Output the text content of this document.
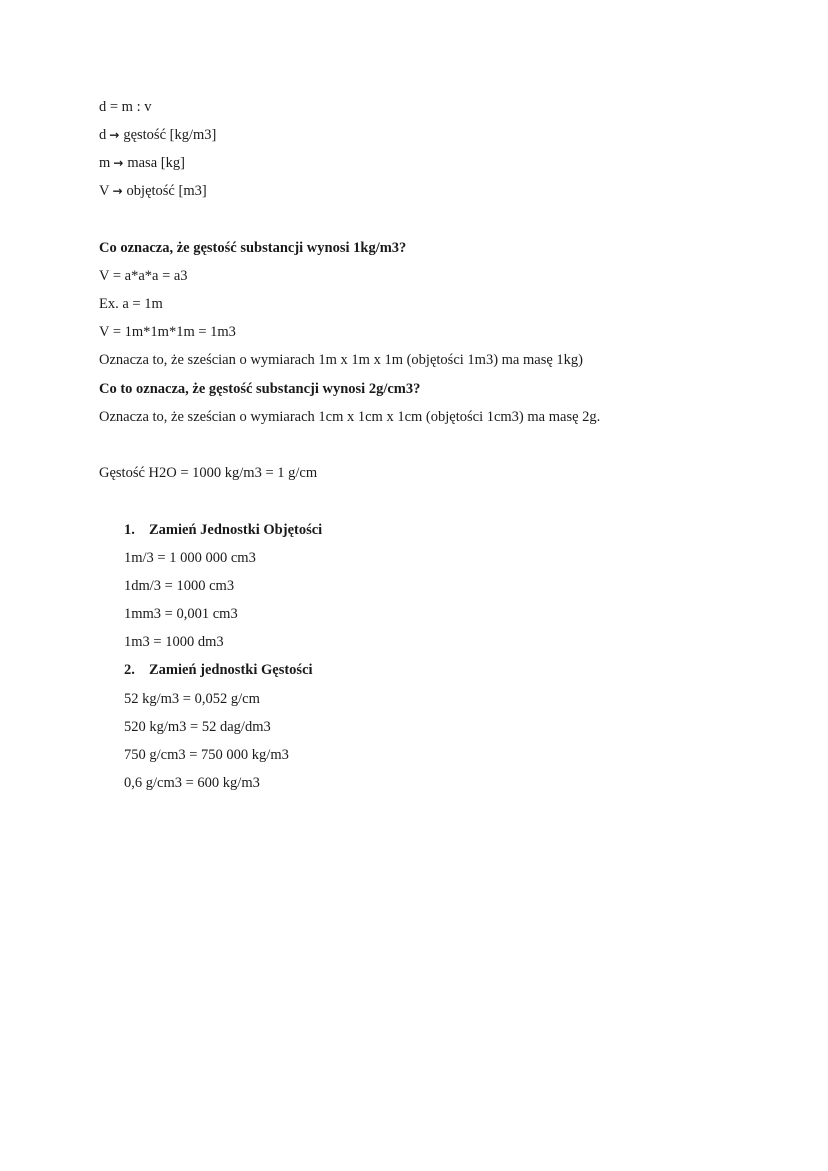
d = m : v
d → gęstość [kg/m3]
m → masa [kg]
V → objętość [m3]
Co oznacza, że gęstość substancji wynosi 1kg/m3?
V = a*a*a = a3
Ex. a = 1m
V = 1m*1m*1m = 1m3
Oznacza to, że sześcian o wymiarach 1m x 1m x 1m (objętości 1m3) ma masę 1kg)
Co to oznacza, że gęstość substancji wynosi 2g/cm3?
Oznacza to, że sześcian o wymiarach 1cm x 1cm x 1cm (objętości 1cm3) ma masę 2g.
Gęstość H2O = 1000 kg/m3 = 1 g/cm
1. Zamień Jednostki Objętości
1m/3 = 1 000 000 cm3
1dm/3 = 1000 cm3
1mm3 = 0,001 cm3
1m3 = 1000 dm3
2. Zamień jednostki Gęstości
52 kg/m3 = 0,052 g/cm
520 kg/m3 = 52 dag/dm3
750 g/cm3 = 750 000 kg/m3
0,6 g/cm3 = 600 kg/m3
